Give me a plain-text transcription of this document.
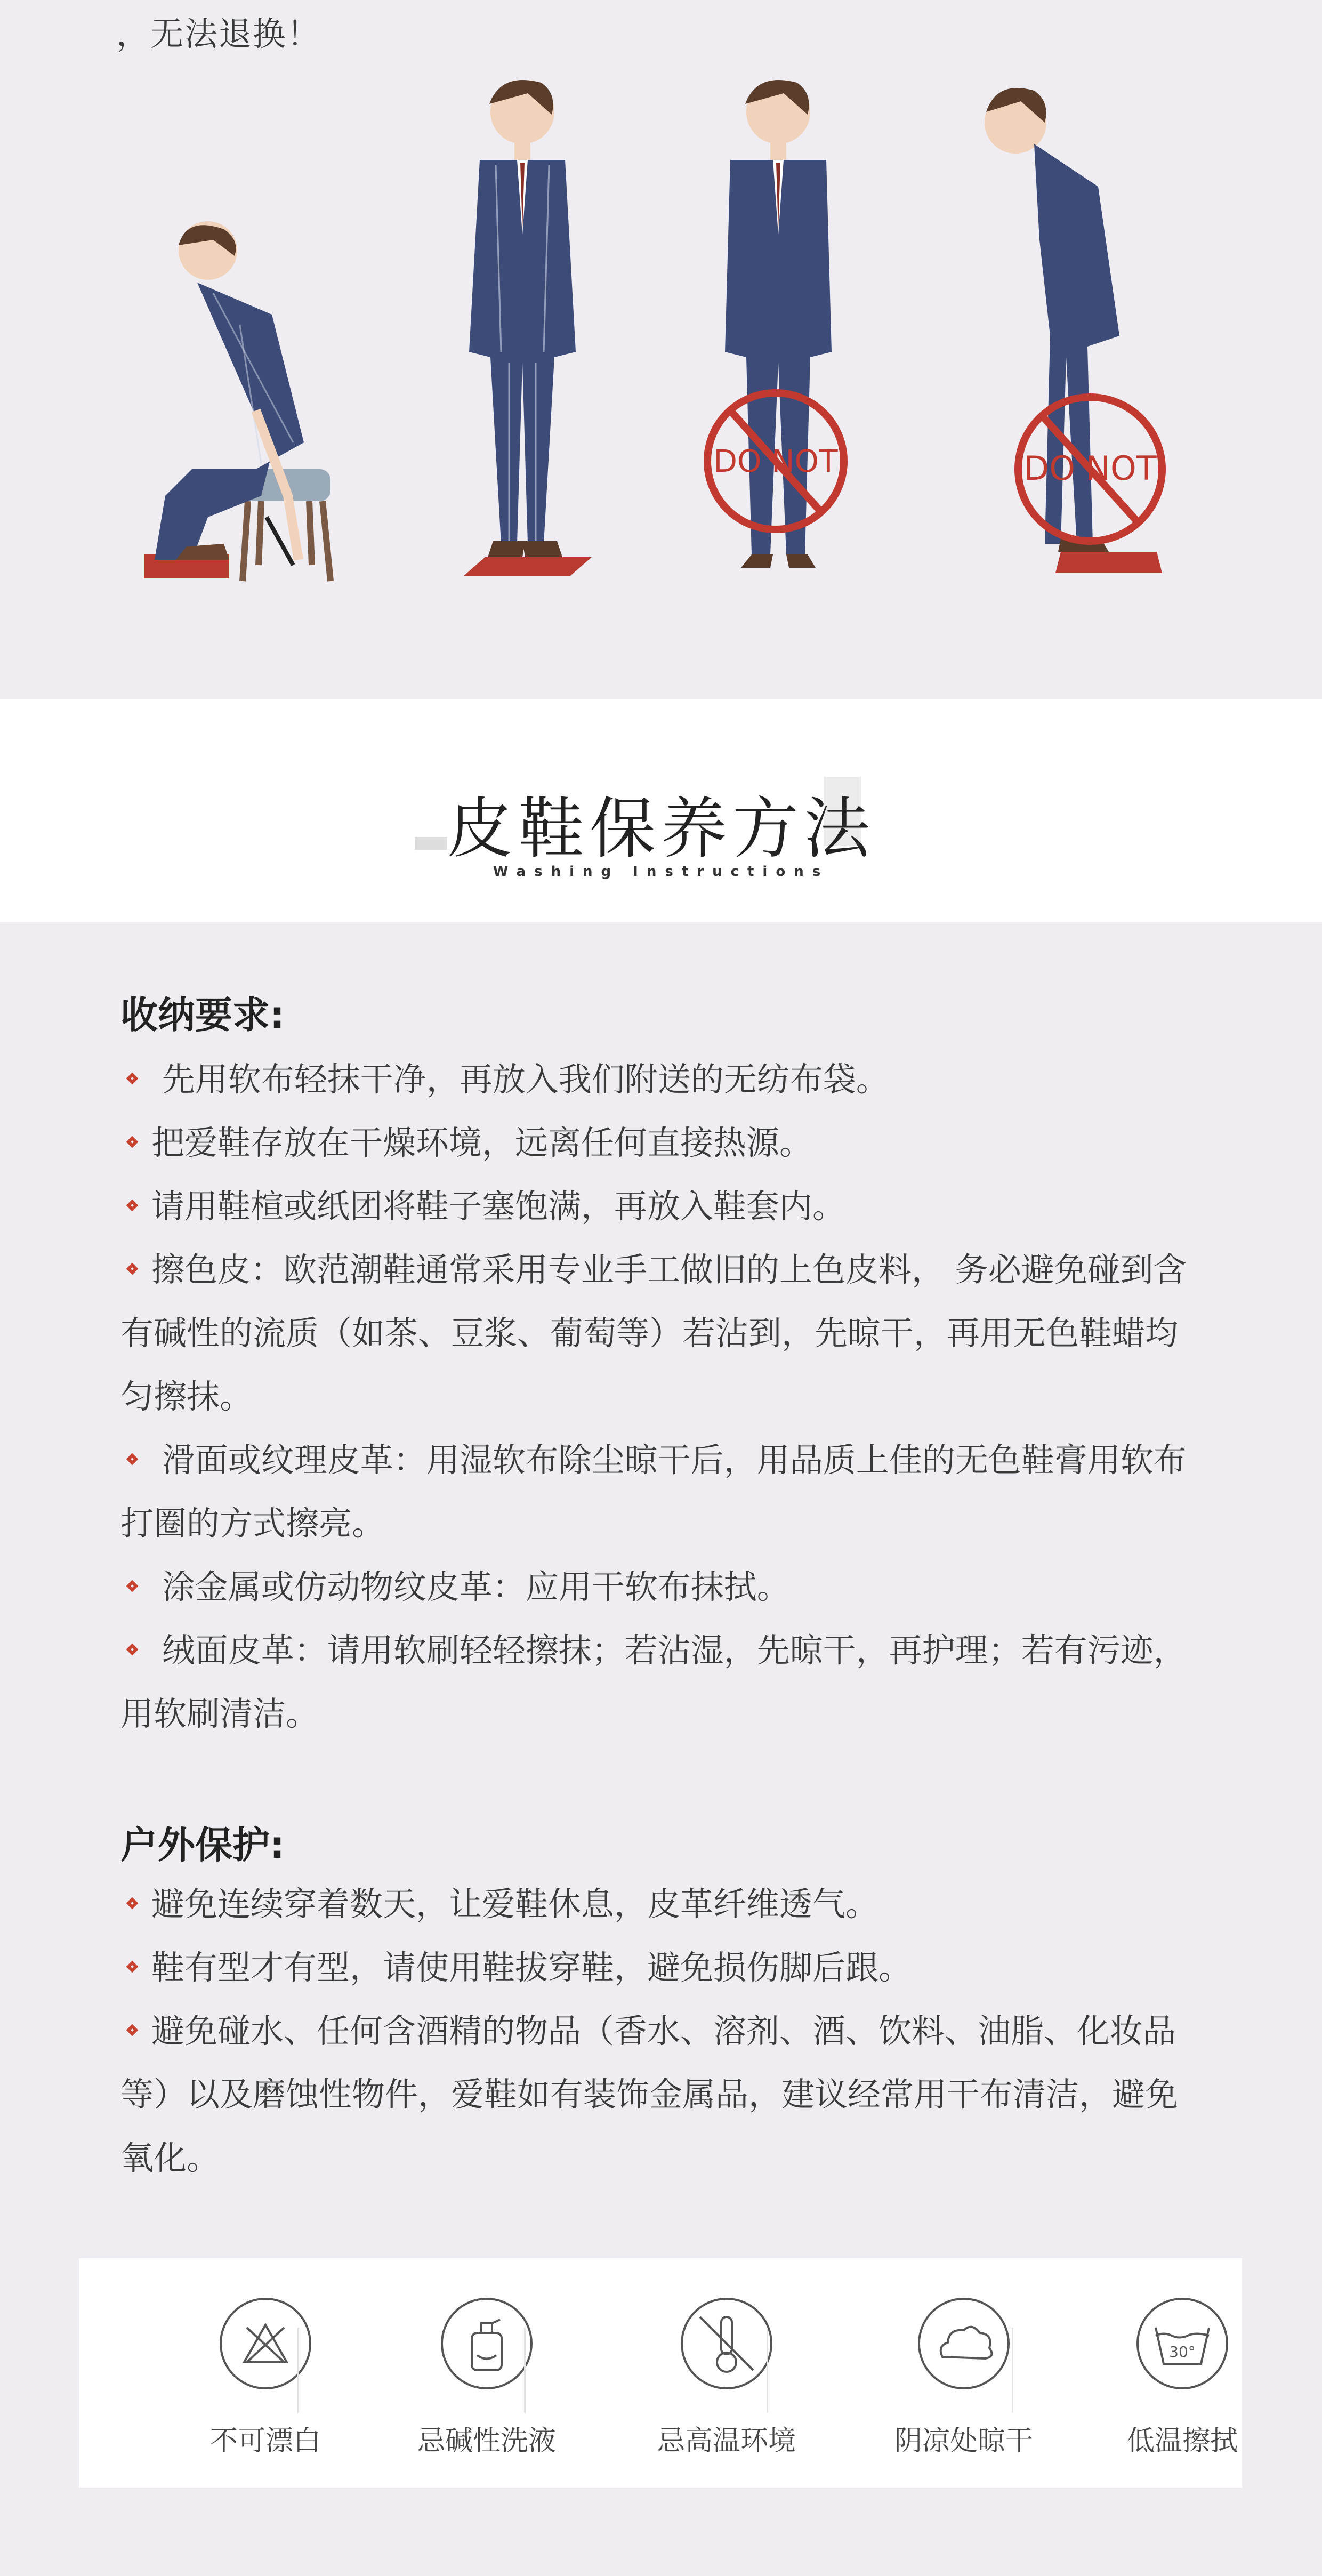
，无法退换！
DO NOT	DO NOT
皮鞋保养方法
Washing Instructions
收纳要求:
先用软布轻抹干净，再放入我们附送的无纺布袋。
把爱鞋存放在干燥环境，远离任何直接热源。
请用鞋楦或纸团将鞋子塞饱满，再放入鞋套内。
擦色皮：欧范潮鞋通常采用专业手工做旧的上色皮料， 务必避免碰到含有碱性的流质（如茶、豆浆、葡萄等）若沾到，先晾干，再用无色鞋蜡均匀擦抹。
滑面或纹理皮革：用湿软布除尘晾干后，用品质上佳的无色鞋膏用软布打圈的方式擦亮。
涂金属或仿动物纹皮革：应用干软布抹拭。
绒面皮革：请用软刷轻轻擦抹；若沾湿，先晾干，再护理；若有污迹，用软刷清洁。
户外保护:
避免连续穿着数天，让爱鞋休息，皮革纤维透气。
鞋有型才有型，请使用鞋拔穿鞋，避免损伤脚后跟。
避免碰水、任何含酒精的物品（香水、溶剂、酒、饮料、油脂、化妆品等）以及磨蚀性物件，爱鞋如有装饰金属品，建议经常用干布清洁，避免氧化。
不可漂白	忌碱性洗液	忌高温环境	阴凉处晾干
30°
低温擦拭
